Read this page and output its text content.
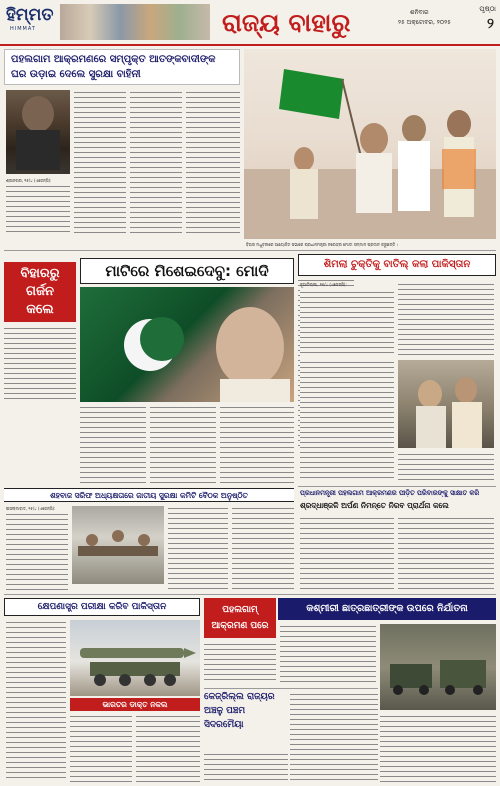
ହିମ୍ମତ
HIMMAT	ରାଜ୍ୟ ବାହାରୁ	ପୃଷ୍ଠା
ଶନିବାର
୨୫ ଅକ୍ଟୋବର, ୨୦୨୫	୨
ପହଲଗାମ ଆକ୍ରମଣରେ ସମ୍ପୃକ୍ତ ଆତଙ୍କବାଦୀଙ୍କ
ଘର ଉଡ଼ାଇ ଦେଲେ ସୁରକ୍ଷା ବାହିନୀ
ଶ୍ରୀନଗର, ୨୫/୪ (ଏଜେନ୍ସି):
ବିହାର ମଧୁବନୀରେ ଆୟୋଜିତ ସଭାରେ ପ୍ରଧାନମନ୍ତ୍ରୀ ନରେନ୍ଦ୍ର ମୋଦୀ ସମ୍ମାନ ପ୍ରଦାନ କରୁଛନ୍ତି ।
ବିହାରରୁ
ଗର୍ଜନ
କଲେ
ମାଟିରେ ମିଶେଇଦେବୁ: ମୋଦି	ଶିମଲା ଚୁକ୍ତିକୁ ବାତିଲ୍ କଲା ପାକିସ୍ତାନ
ନୂଆଦିଲ୍ଲୀ, ୨୫/୪ (ଏଜେନ୍ସି):
ପ୍ରଧାନମନ୍ତ୍ରୀ ପହଲଗାମ ଆକ୍ରମଣର ପୀଡ଼ିତ ପରିବାରଙ୍କୁ ସାକ୍ଷାତ କରି
ଶ୍ରଦ୍ଧାଞ୍ଜଳି ଅର୍ପଣ ନିମନ୍ତେ ନିରବ ପ୍ରାର୍ଥନା କଲେ
ଶହବାଜ ସରିଫ ଅଧ୍ୟକ୍ଷତାରେ ଜାତୀୟ ସୁରକ୍ଷା କମିଟି ବୈଠକ ଅନୁଷ୍ଠିତ
ଇସଲାମାବାଦ, ୨୫/୪ (ଏଜେନ୍ସି):
କ୍ଷେପଣାସ୍ତ୍ର ପରୀକ୍ଷା କରିବ ପାକିସ୍ତାନ
ଭାରତର ଡାକ୍ତ ନକଲ
ପହଲଗାମ୍
ଆକ୍ରମଣ ପରେ
କଶ୍ମୀରୀ ଛାତ୍ରଛାତ୍ରୀଙ୍କ ଉପରେ ନିର୍ଯାତନା
କେଜ୍‌ରିଲ୍ଲ ରାଜ୍ୟର
ଅଞ୍ଚଳୁ ପଞ୍ଚମ
ସିଦରମୈୟା
